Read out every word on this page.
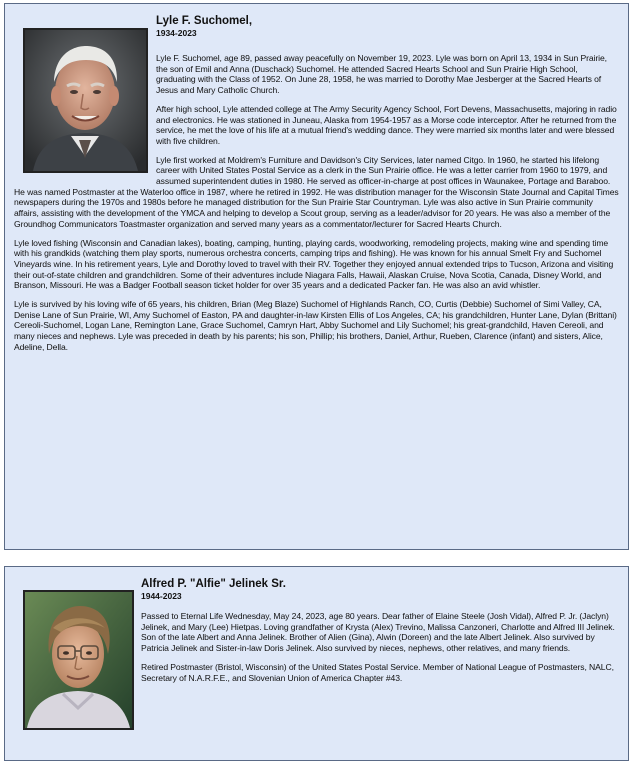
Lyle F. Suchomel,
1934-2023

Lyle F. Suchomel, age 89, passed away peacefully on November 19, 2023. Lyle was born on April 13, 1934 in Sun Prairie, the son of Emil and Anna (Duschack) Suchomel. He attended Sacred Hearts School and Sun Prairie High School, graduating with the Class of 1952. On June 28, 1958, he was married to Dorothy Mae Jesberger at the Sacred Hearts of Jesus and Mary Catholic Church.

After high school, Lyle attended college at The Army Security Agency School, Fort Devens, Massachusetts, majoring in radio and electronics. He was stationed in Juneau, Alaska from 1954-1957 as a Morse code interceptor. After he returned from the service, he met the love of his life at a mutual friend's wedding dance. They were married six months later and were blessed with five children.

Lyle first worked at Moldrem's Furniture and Davidson's City Services, later named Citgo. In 1960, he started his lifelong career with United States Postal Service as a clerk in the Sun Prairie office. He was a letter carrier from 1960 to 1979, and assumed superintendent duties in 1980. He served as officer-in-charge at post offices in Waunakee, Portage and Baraboo. He was named Postmaster at the Waterloo office in 1987, where he retired in 1992. He was distribution manager for the Wisconsin State Journal and Capital Times newspapers during the 1970s and 1980s before he managed distribution for the Sun Prairie Star Countryman. Lyle was also active in Sun Prairie community affairs, assisting with the development of the YMCA and helping to develop a Scout group, serving as a leader/advisor for 20 years. He was also a member of the Groundhog Communicators Toastmaster organization and served many years as a commentator/lecturer for Sacred Hearts Church.

Lyle loved fishing (Wisconsin and Canadian lakes), boating, camping, hunting, playing cards, woodworking, remodeling projects, making wine and spending time with his grandkids (watching them play sports, numerous orchestra concerts, camping trips and fishing). He was known for his annual Smelt Fry and Suchomel Vineyards wine. In his retirement years, Lyle and Dorothy loved to travel with their RV. Together they enjoyed annual extended trips to Tucson, Arizona and visiting their out-of-state children and grandchildren. Some of their adventures include Niagara Falls, Hawaii, Alaskan Cruise, Nova Scotia, Canada, Disney World, and Branson, Missouri. He was a Badger Football season ticket holder for over 35 years and a dedicated Packer fan. He was also an avid whistler.

Lyle is survived by his loving wife of 65 years, his children, Brian (Meg Blaze) Suchomel of Highlands Ranch, CO, Curtis (Debbie) Suchomel of Simi Valley, CA, Denise Lane of Sun Prairie, WI, Amy Suchomel of Easton, PA and daughter-in-law Kirsten Ellis of Los Angeles, CA; his grandchildren, Hunter Lane, Dylan (Brittani) Cereoli-Suchomel, Logan Lane, Remington Lane, Grace Suchomel, Camryn Hart, Abby Suchomel and Lily Suchomel; his great-grandchild, Haven Cereoli, and many nieces and nephews. Lyle was preceded in death by his parents; his son, Phillip; his brothers, Daniel, Arthur, Rueben, Clarence (infant) and sisters, Alice, Adeline, Della.

Alfred P. "Alfie" Jelinek Sr.
1944-2023

Passed to Eternal Life Wednesday, May 24, 2023, age 80 years. Dear father of Elaine Steele (Josh Vidal), Alfred P. Jr. (Jaclyn) Jelinek, and Mary (Lee) Hietpas. Loving grandfather of Krysta (Alex) Trevino, Malissa Canzoneri, Charlotte and Alfred III Jelinek. Son of the late Albert and Anna Jelinek. Brother of Alien (Gina), Alwin (Doreen) and the late Albert Jelinek. Also survived by Patricia Jelinek and Sister-in-law Doris Jelinek. Also survived by nieces, nephews, other relatives, and many friends.

Retired Postmaster (Bristol, Wisconsin) of the United States Postal Service. Member of National League of Postmasters, NALC, Secretary of N.A.R.F.E., and Slovenian Union of America Chapter #43.
